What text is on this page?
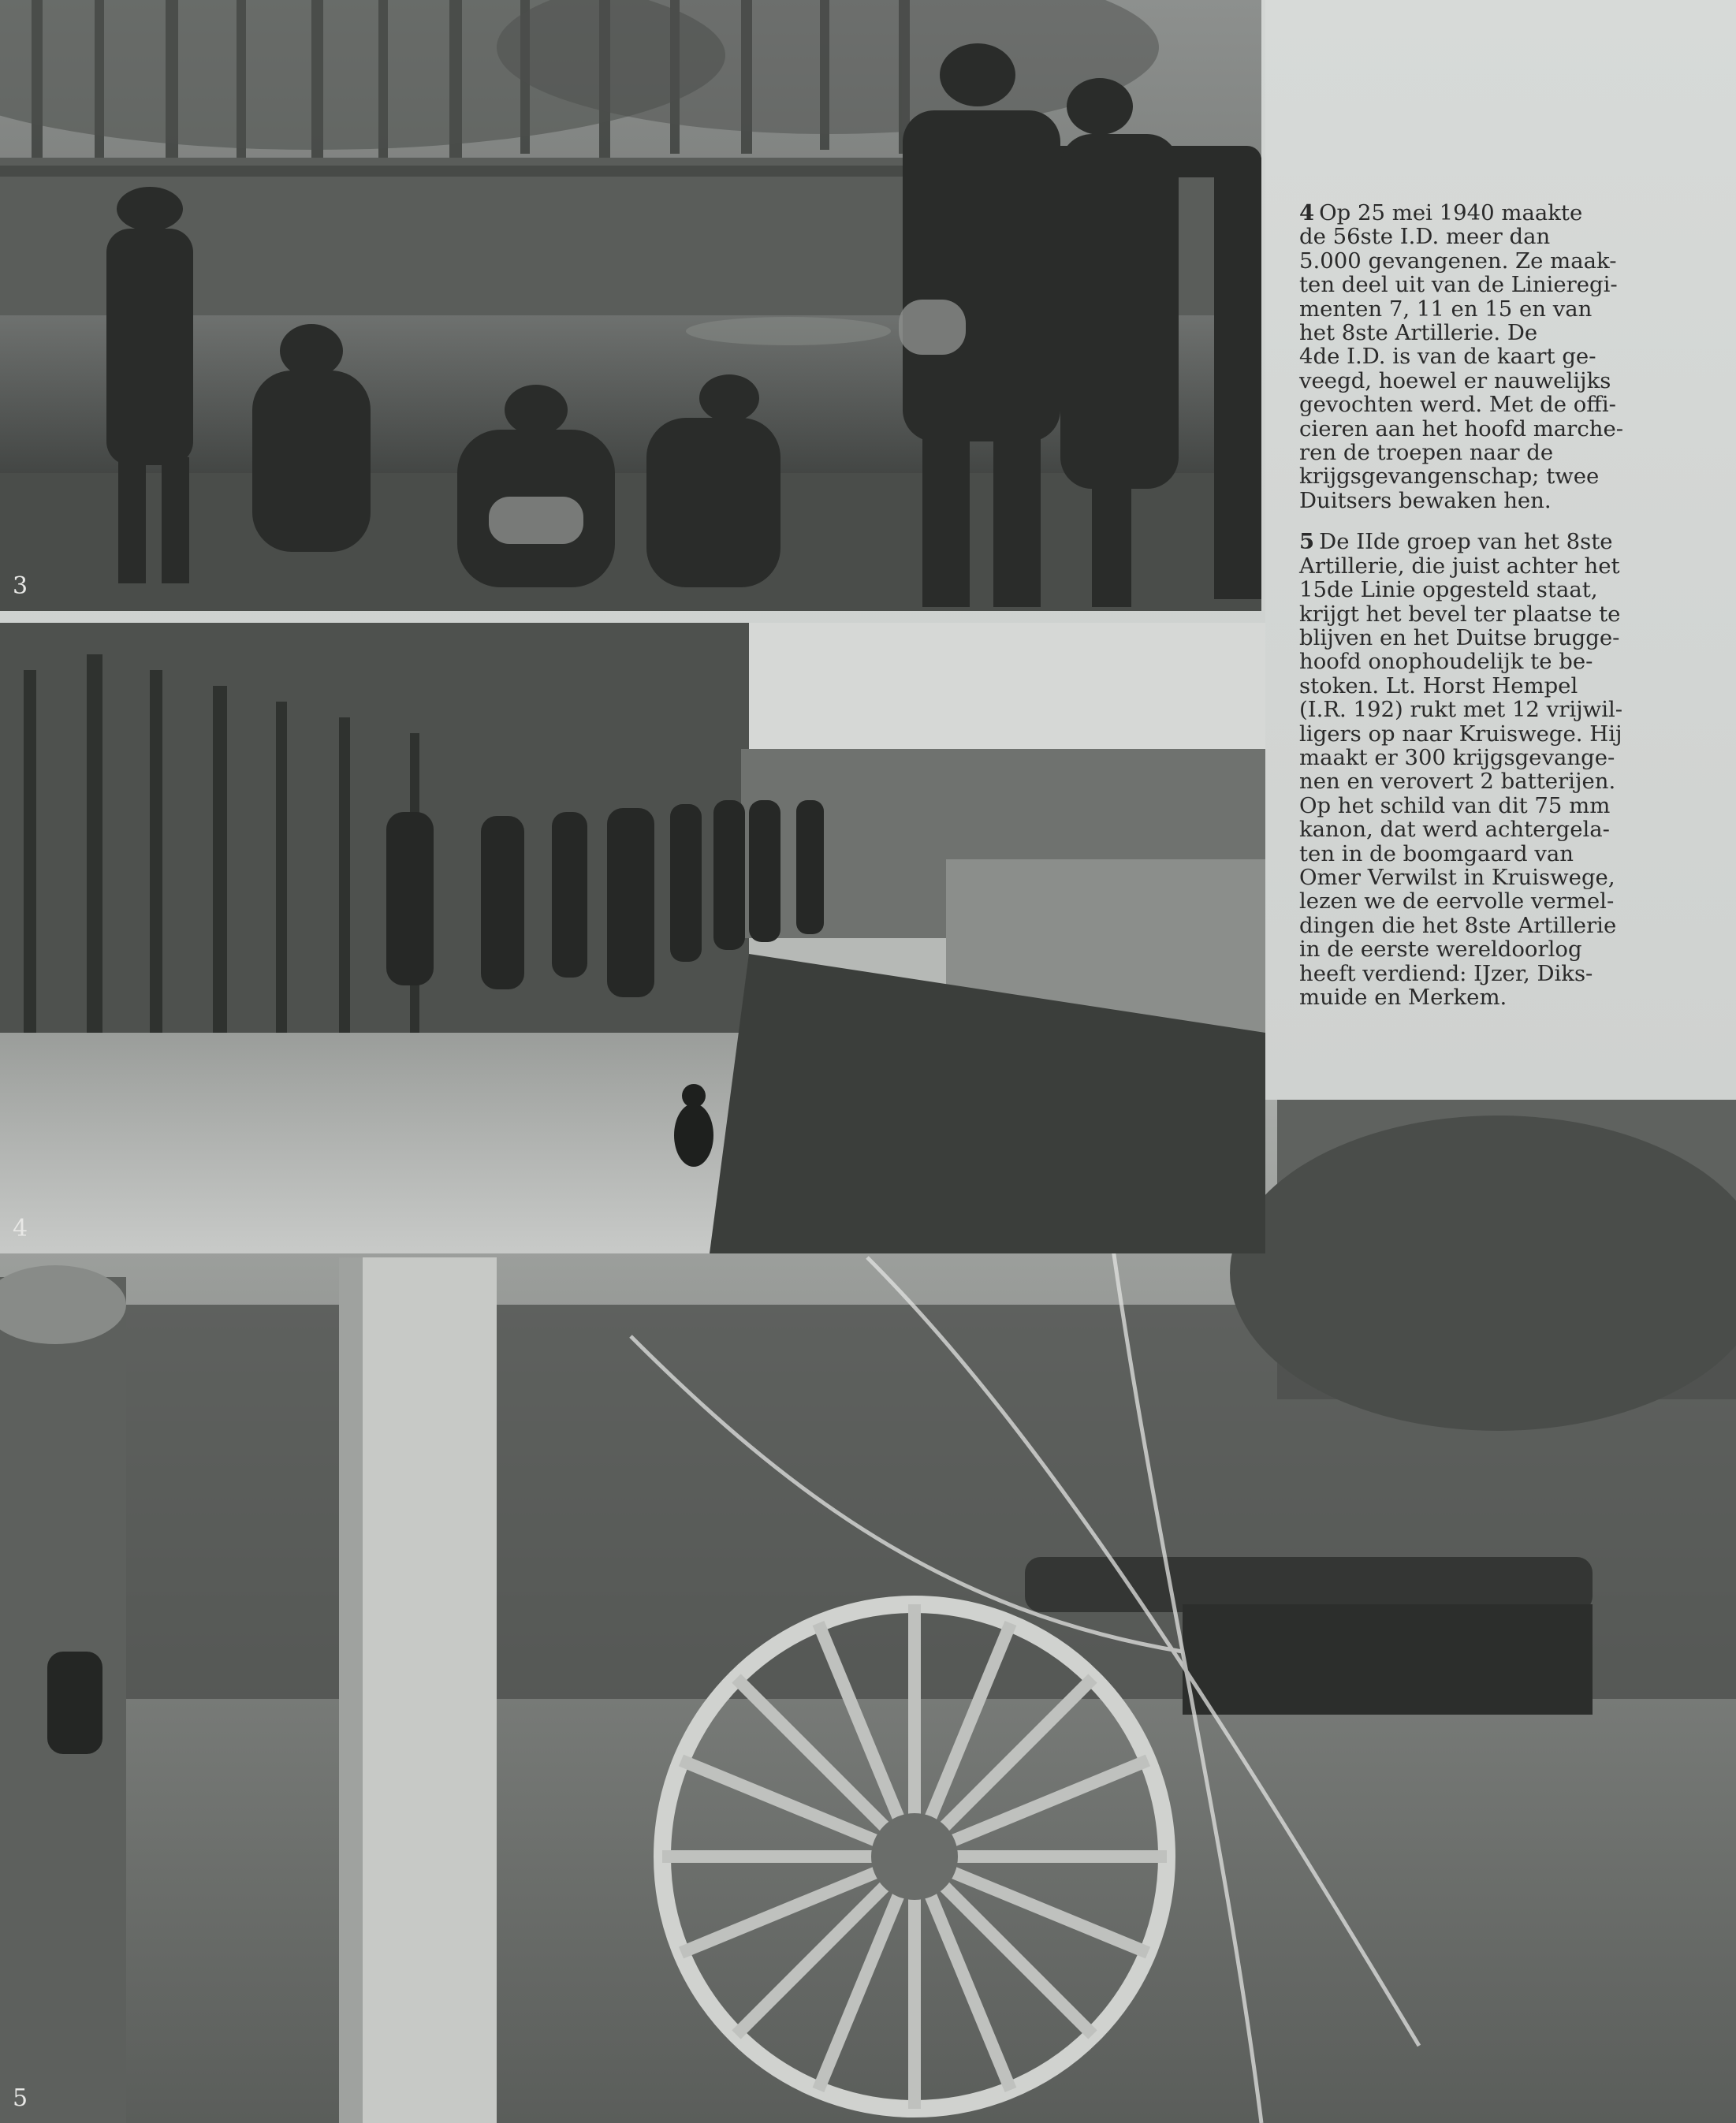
3
4
5

4 Op 25 mei 1940 maakte
de 56ste I.D. meer dan
5.000 gevangenen. Ze maak-
ten deel uit van de Linieregi-
menten 7, 11 en 15 en van
het 8ste Artillerie. De
4de I.D. is van de kaart ge-
veegd, hoewel er nauwelijks
gevochten werd. Met de offi-
cieren aan het hoofd marche-
ren de troepen naar de
krijgsgevangenschap; twee
Duitsers bewaken hen.

5 De IIde groep van het 8ste
Artillerie, die juist achter het
15de Linie opgesteld staat,
krijgt het bevel ter plaatse te
blijven en het Duitse brugge-
hoofd onophoudelijk te be-
stoken. Lt. Horst Hempel
(I.R. 192) rukt met 12 vrijwil-
ligers op naar Kruiswege. Hij
maakt er 300 krijgsgevange-
nen en verovert 2 batterijen.
Op het schild van dit 75 mm
kanon, dat werd achtergela-
ten in de boomgaard van
Omer Verwilst in Kruiswege,
lezen we de eervolle vermel-
dingen die het 8ste Artillerie
in de eerste wereldoorlog
heeft verdiend: IJzer, Diks-
muide en Merkem.
